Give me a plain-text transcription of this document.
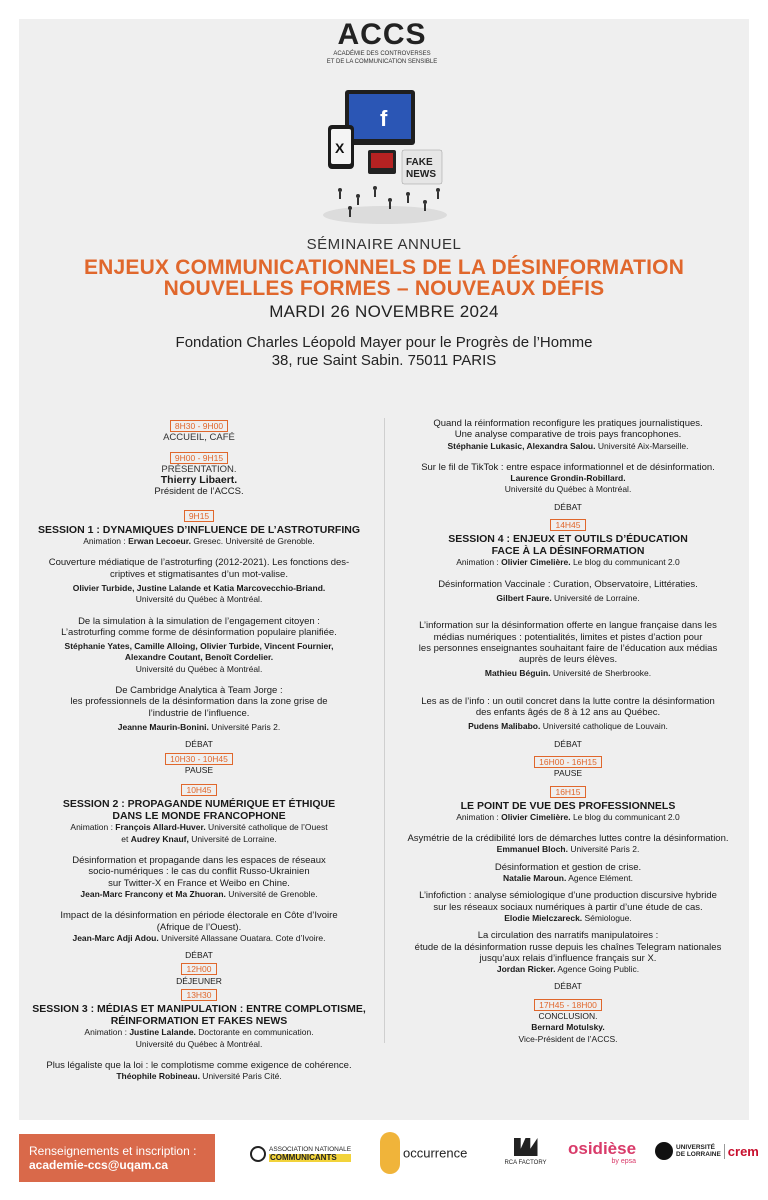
ACCS
ACADÉMIE DES CONTROVERSES
ET DE LA COMMUNICATION SENSIBLE
f
X
FAKE
NEWS
SÉMINAIRE ANNUEL
ENJEUX COMMUNICATIONNELS DE LA DÉSINFORMATION
NOUVELLES FORMES – NOUVEAUX DÉFIS
MARDI 26 NOVEMBRE 2024
Fondation Charles Léopold Mayer pour le Progrès de l’Homme
38, rue Saint Sabin. 75011 PARIS
8H30 - 9H00
ACCUEIL, CAFÉ
9H00 - 9H15
PRÉSENTATION.
Thierry Libaert.
Président de l’ACCS.
9H15
SESSION 1 : DYNAMIQUES D’INFLUENCE DE L’ASTROTURFING
Animation : Erwan Lecoeur. Gresec. Université de Grenoble.
Couverture médiatique de l’astroturfing (2012-2021). Les fonctions des-
criptives et stigmatisantes d’un mot-valise.
Olivier Turbide, Justine Lalande et Katia Marcovecchio-Briand.
Université du Québec à Montréal.
De la simulation à la simulation de l’engagement citoyen :
L’astroturfing comme forme de désinformation populaire planifiée.
Stéphanie Yates, Camille Alloing, Olivier Turbide, Vincent Fournier,
Alexandre Coutant, Benoît Cordelier.
Université du Québec à Montréal.
De Cambridge Analytica à Team Jorge :
les professionnels de la désinformation dans la zone grise de
l’industrie de l’influence.
Jeanne Maurin-Bonini. Université Paris 2.
DÉBAT
10H30 - 10H45
PAUSE
10H45
SESSION 2 : PROPAGANDE NUMÉRIQUE ET ÉTHIQUE
DANS LE MONDE FRANCOPHONE
Animation : François Allard-Huver. Université catholique de l’Ouest
et Audrey Knauf, Université de Lorraine.
Désinformation et propagande dans les espaces de réseaux
socio-numériques : le cas du conflit Russo-Ukrainien
sur Twitter-X en France et Weibo en Chine.
Jean-Marc Francony et Ma Zhuoran. Université de Grenoble.
Impact de la désinformation en période électorale en Côte d’Ivoire
(Afrique de l’Ouest).
Jean-Marc Adji Adou. Université Allassane Ouatara. Cote d’Ivoire.
DÉBAT
12H00
DÉJEUNER
13H30
SESSION 3 : MÉDIAS ET MANIPULATION : ENTRE COMPLOTISME,
RÉINFORMATION ET FAKES NEWS
Animation : Justine Lalande. Doctorante en communication.
Université du Québec à Montréal.
Plus légaliste que la loi : le complotisme comme exigence de cohérence.
Théophile Robineau. Université Paris Cité.
Quand la réinformation reconfigure les pratiques journalistiques.
Une analyse comparative de trois pays francophones.
Stéphanie Lukasic, Alexandra Salou. Université Aix-Marseille.
Sur le fil de TikTok : entre espace informationnel et de désinformation.
Laurence Grondin-Robillard.
Université du Québec à Montréal.
DÉBAT
14H45
SESSION 4 : ENJEUX ET OUTILS D’ÉDUCATION
FACE À LA DÉSINFORMATION
Animation : Olivier Cimelière. Le blog du communicant 2.0
Désinformation Vaccinale : Curation, Observatoire, Littératies.
Gilbert Faure. Université de Lorraine.
L’information sur la désinformation offerte en langue française dans les
médias numériques : potentialités, limites et pistes d’action pour
les personnes enseignantes souhaitant faire de l’éducation aux médias
auprès de leurs élèves.
Mathieu Béguin. Université de Sherbrooke.
Les as de l’info : un outil concret dans la lutte contre la désinformation
des enfants âgés de 8 à 12 ans au Québec.
Pudens Malibabo. Université catholique de Louvain.
DÉBAT
16H00 - 16H15
PAUSE
16H15
LE POINT DE VUE DES PROFESSIONNELS
Animation : Olivier Cimelière. Le blog du communicant 2.0
Asymétrie de la crédibilité lors de démarches luttes contre la désinformation.
Emmanuel Bloch. Université Paris 2.
Désinformation et gestion de crise.
Natalie Maroun. Agence Elément.
L’infofiction : analyse sémiologique d’une production discursive hybride
sur les réseaux sociaux numériques à partir d’une étude de cas.
Elodie Mielczareck. Sémiologue.
La circulation des narratifs manipulatoires :
étude de la désinformation russe depuis les chaînes Telegram nationales
jusqu’aux relais d’influence français sur X.
Jordan Ricker. Agence Going Public.
DÉBAT
17H45 - 18H00
CONCLUSION.
Bernard Motulsky.
Vice-Président de l’ACCS.
Renseignements et inscription :
academie-ccs@uqam.ca
ASSOCIATION NATIONALE
COMMUNICANTS	occurrence
RCA FACTORY
osidièse
by epsa
UNIVERSITÉ
DE LORRAINE crem
